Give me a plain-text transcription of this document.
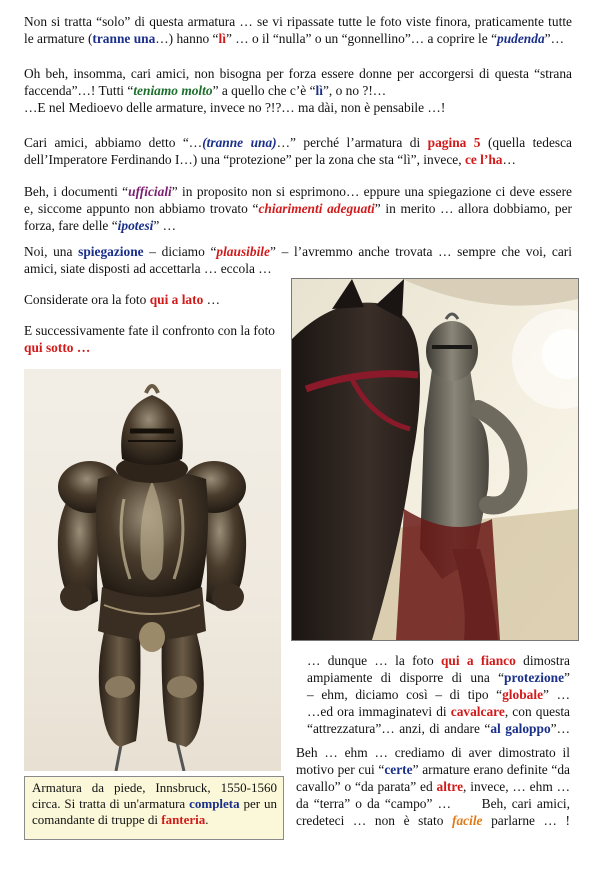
Non si tratta “solo” di questa armatura … se vi ripassate tutte le foto viste finora, praticamente tutte
le armature (tranne una…) hanno “lì” … o il “nulla” o un “gonnellino”… a coprire le “pudenda”…

Oh beh, insomma, cari amici, non bisogna per forza essere donne per accorgersi di questa “strana
faccenda”…! Tutti “teniamo molto” a quello che c’è “lì”, o no ?!…
…E nel Medioevo delle armature, invece no ?!?… ma dài, non è pensabile …!

Cari amici, abbiamo detto “…(tranne una)…” perché l’armatura di pagina 5 (quella tedesca
dell’Imperatore Ferdinando I…) una “protezione” per la zona che sta “lì”, invece, ce l’ha…

Beh, i documenti “ufficiali” in proposito non si esprimono… eppure una spiegazione ci deve essere
e, siccome appunto non abbiamo trovato “chiarimenti adeguati” in merito … allora dobbiamo, per
forza, fare delle “ipotesi” …

Noi, una spiegazione – diciamo “plausibile” – l’avremmo anche trovata … sempre che voi, cari
amici, siate disposti ad accettarla … eccola …

Considerate ora la foto qui a lato …

E successivamente fate il confronto con la foto
qui sotto …

… dunque … la foto qui a fianco dimostra
ampiamente di disporre di una “protezione”
– ehm, diciamo così – di tipo “globale” …
…ed ora immaginatevi di cavalcare, con questa
“attrezzatura”… anzi, di andare “al galoppo”…

Beh … ehm … crediamo di aver dimostrato il
motivo per cui “certe” armature erano definite “da
cavallo” o “da parata” ed altre, invece, … ehm …
da “terra” o da “campo” …      Beh, cari amici,
credeteci … non è stato facile parlarne … !

Armatura da piede, Innsbruck, 1550-1560 circa. Si tratta di un'armatura completa per un comandante di truppe di fanteria.
